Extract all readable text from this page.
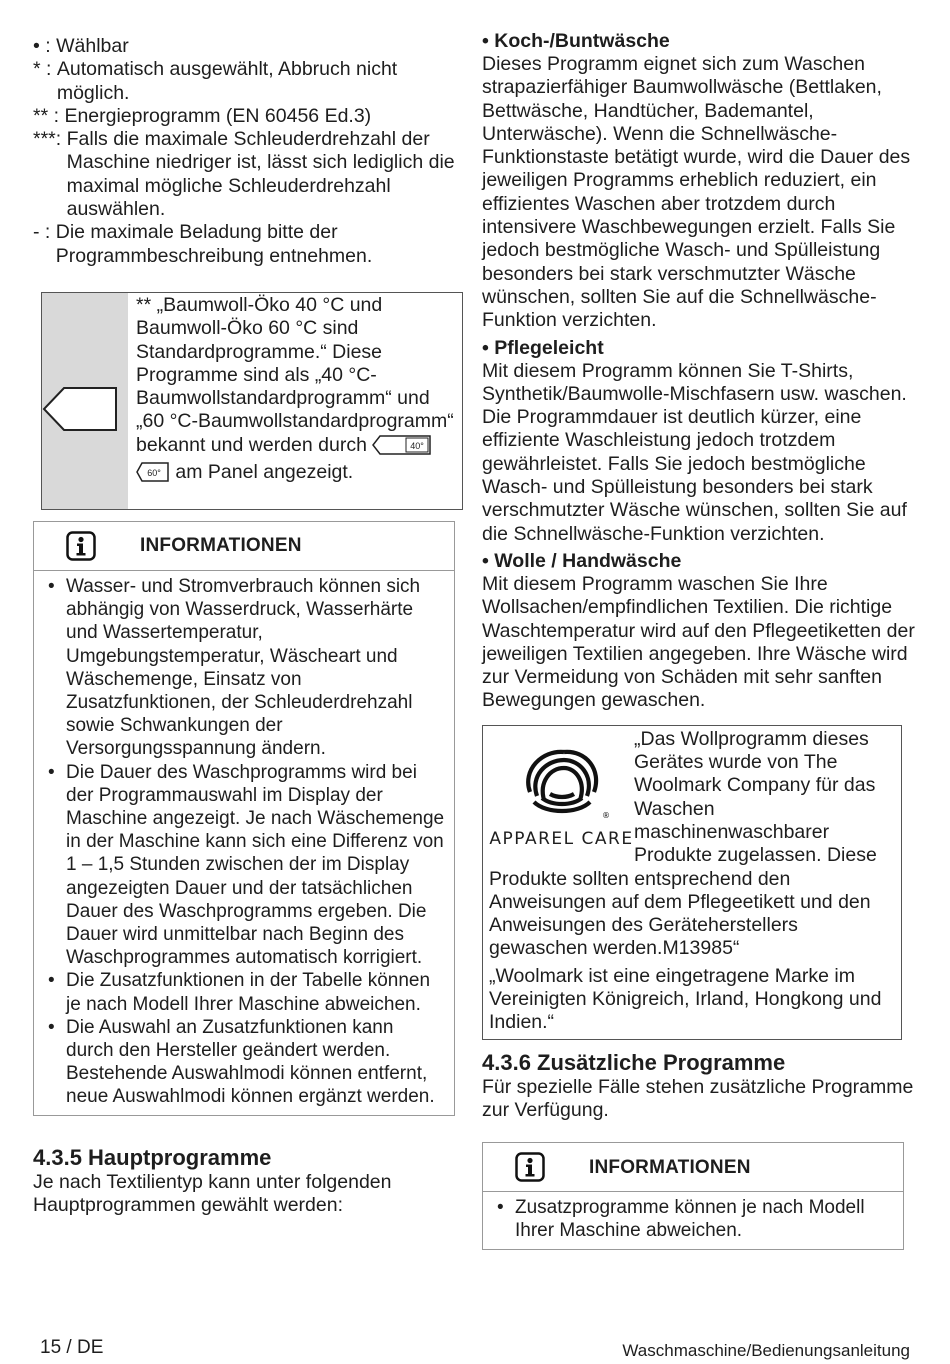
• : Wählbar
* : Automatisch ausgewählt, Abbruch nicht möglich.
** : Energieprogramm (EN 60456 Ed.3)
***: Falls die maximale Schleuderdrehzahl der Maschine niedriger ist, lässt sich lediglich die maximal mögliche Schleuderdrehzahl auswählen.
- : Die maximale Beladung bitte der Programmbeschreibung entnehmen.
** „Baumwoll-Öko 40 °C und Baumwoll-Öko 60 °C sind Standardprogramme.“ Diese Programme sind als „40 °C-Baumwollstandardprogramm“ und „60 °C-Baumwollstandardprogramm“ bekannt und werden durch	40°

60° am Panel angezeigt.
INFORMATIONEN
• Wasser- und Stromverbrauch können sich abhängig von Wasserdruck, Wasserhärte und Wassertemperatur, Umgebungstemperatur, Wäscheart und Wäschemenge, Einsatz von Zusatzfunktionen, der Schleuderdrehzahl sowie Schwankungen der Versorgungsspannung ändern.
• Die Dauer des Waschprogramms wird bei der Programmauswahl im Display der Maschine angezeigt. Je nach Wäschemenge in der Maschine kann sich eine Differenz von 1 – 1,5 Stunden zwischen der im Display angezeigten Dauer und der tatsächlichen Dauer des Waschprogramms ergeben. Die Dauer wird unmittelbar nach Beginn des Waschprogrammes automatisch korrigiert.
• Die Zusatzfunktionen in der Tabelle können je nach Modell Ihrer Maschine abweichen.
• Die Auswahl an Zusatzfunktionen kann durch den Hersteller geändert werden. Bestehende Auswahlmodi können entfernt, neue Auswahlmodi können ergänzt werden.
4.3.5 Hauptprogramme
Je nach Textilientyp kann unter folgenden Hauptprogrammen gewählt werden:
• Koch-/Buntwäsche
Dieses Programm eignet sich zum Waschen strapazierfähiger Baumwollwäsche (Bettlaken, Bettwäsche, Handtücher, Bademantel, Unterwäsche). Wenn die Schnellwäsche-Funktionstaste betätigt wurde, wird die Dauer des jeweiligen Programms erheblich reduziert, ein effizientes Waschen aber trotzdem durch intensivere Waschbewegungen erzielt. Falls Sie jedoch bestmögliche Wasch- und Spülleistung besonders bei stark verschmutzter Wäsche wünschen, sollten Sie auf die Schnellwäsche-Funktion verzichten.
• Pflegeleicht
Mit diesem Programm können Sie T-Shirts, Synthetik/Baumwolle-Mischfasern usw. waschen. Die Programmdauer ist deutlich kürzer, eine effiziente Waschleistung jedoch trotzdem gewährleistet. Falls Sie jedoch bestmögliche Wasch- und Spülleistung besonders bei stark verschmutzter Wäsche wünschen, sollten Sie auf die Schnellwäsche-Funktion verzichten.
• Wolle / Handwäsche
Mit diesem Programm waschen Sie Ihre Wollsachen/empfindlichen Textilien. Die richtige Waschtemperatur wird auf den Pflegeetiketten der jeweiligen Textilien angegeben. Ihre Wäsche wird zur Vermeidung von Schäden mit sehr sanften Bewegungen gewaschen.
®
APPAREL CARE
„Das Wollprogramm dieses Gerätes wurde von The Woolmark Company für das Waschen maschinenwaschbarer Produkte zugelassen. Diese
Produkte sollten entsprechend den Anweisungen auf dem Pflegeetikett und den Anweisungen des Geräteherstellers gewaschen werden.M13985“
„Woolmark ist eine eingetragene Marke im Vereinigten Königreich, Irland, Hongkong und Indien.“
4.3.6 Zusätzliche Programme
Für spezielle Fälle stehen zusätzliche Programme zur Verfügung.
INFORMATIONEN
• Zusatzprogramme können je nach Modell Ihrer Maschine abweichen.
15 / DE	Waschmaschine/Bedienungsanleitung
